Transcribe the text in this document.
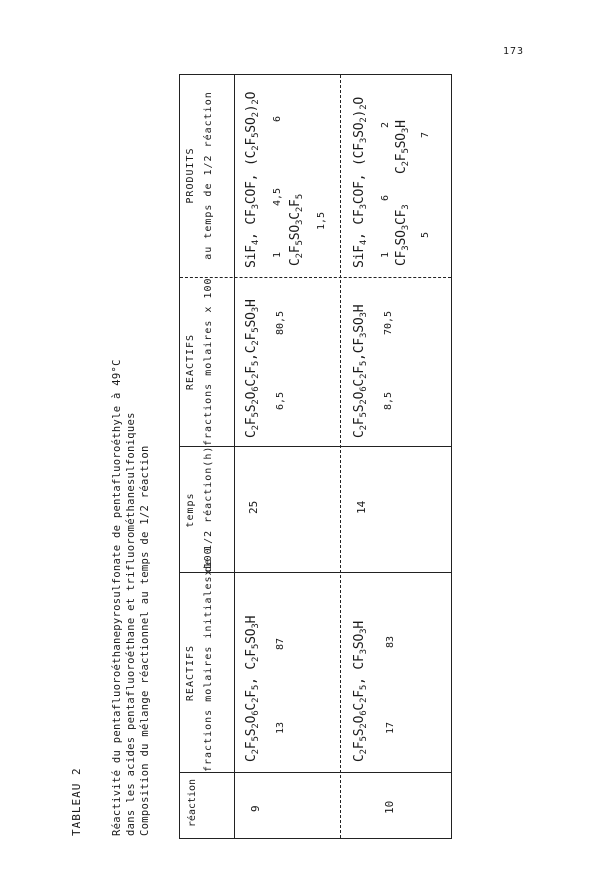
173
TABLEAU 2	Réactivité du pentafluoroéthanepyrosulfonate de pentafluoroéthyle à 49°C dans les acides pentafluoroéthane et trifluorométhanesulfoniques Composition du mélange réactionnel au temps de 1/2 réaction	réaction
REACTIFS fractions molaires initialesx100
temps de 1/2 réaction(h)
REACTIFS fractions molaires x 100
PRODUITS au temps de 1/2 réaction
9
$C_2F_5S_2O_6C_2F_5$, $C_2F_5SO_3H$
13
87
25
$C_2F_5S_2O_6C_2F_5,C_2F_5SO_3H$
6,5
80,5
SiF$_4$, $CF_3COF$, $(C_2F_5SO_2)_2O$
1
4,5
6
$C_2F_5SO_3C_2F_5$
1,5
10
$C_2F_5S_2O_6C_2F_5$, $CF_3SO_3H$
17
83
14
$C_2F_5S_2O_6C_2F_5,CF_3SO_3H$
8,5
70,5
SiF$_4$, $CF_3COF$, $(CF_3SO_2)_2O$
1
6
2
$CF_3SO_3CF_3$    $C_2F_5SO_3H$
5
7
